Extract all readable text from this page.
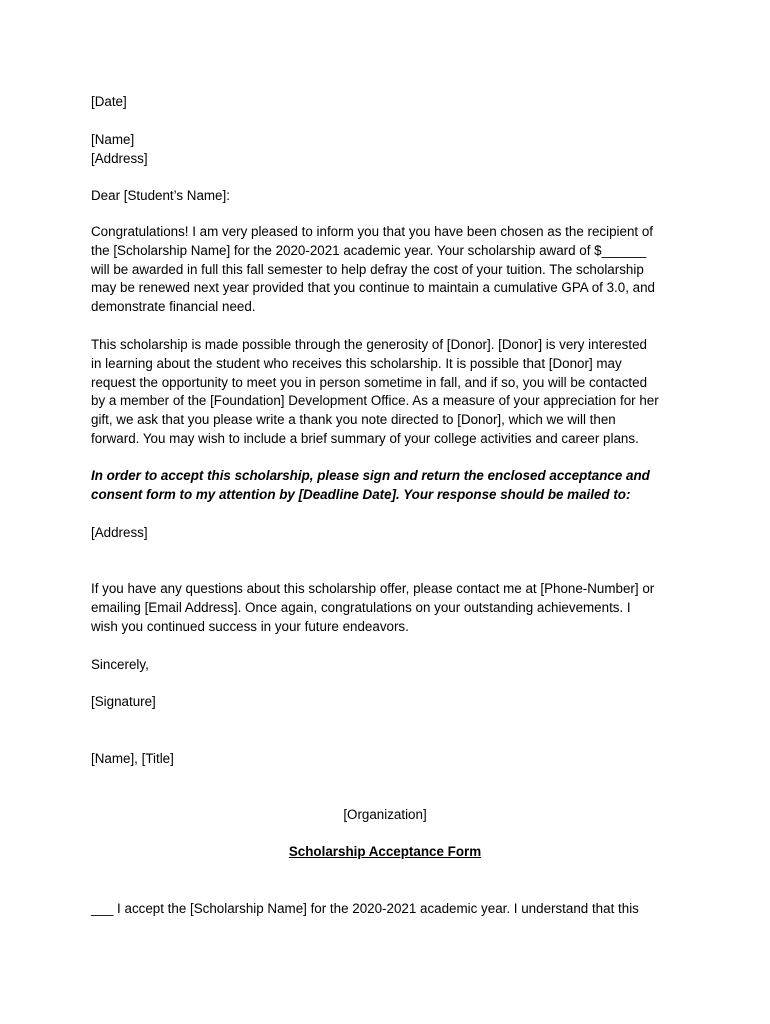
[Date]
[Name]
[Address]
Dear [Student’s Name]:
Congratulations! I am very pleased to inform you that you have been chosen as the recipient of
the [Scholarship Name] for the 2020-2021 academic year. Your scholarship award of $______
will be awarded in full this fall semester to help defray the cost of your tuition. The scholarship
may be renewed next year provided that you continue to maintain a cumulative GPA of 3.0, and
demonstrate financial need.
This scholarship is made possible through the generosity of [Donor]. [Donor] is very interested
in learning about the student who receives this scholarship. It is possible that [Donor] may
request the opportunity to meet you in person sometime in fall, and if so, you will be contacted
by a member of the [Foundation] Development Office. As a measure of your appreciation for her
gift, we ask that you please write a thank you note directed to [Donor], which we will then
forward. You may wish to include a brief summary of your college activities and career plans.
In order to accept this scholarship, please sign and return the enclosed acceptance and
consent form to my attention by [Deadline Date]. Your response should be mailed to:
[Address]
If you have any questions about this scholarship offer, please contact me at [Phone-Number] or
emailing [Email Address]. Once again, congratulations on your outstanding achievements. I
wish you continued success in your future endeavors.
Sincerely,
[Signature]
[Name], [Title]
[Organization]
Scholarship Acceptance Form
___ I accept the [Scholarship Name] for the 2020-2021 academic year. I understand that this
